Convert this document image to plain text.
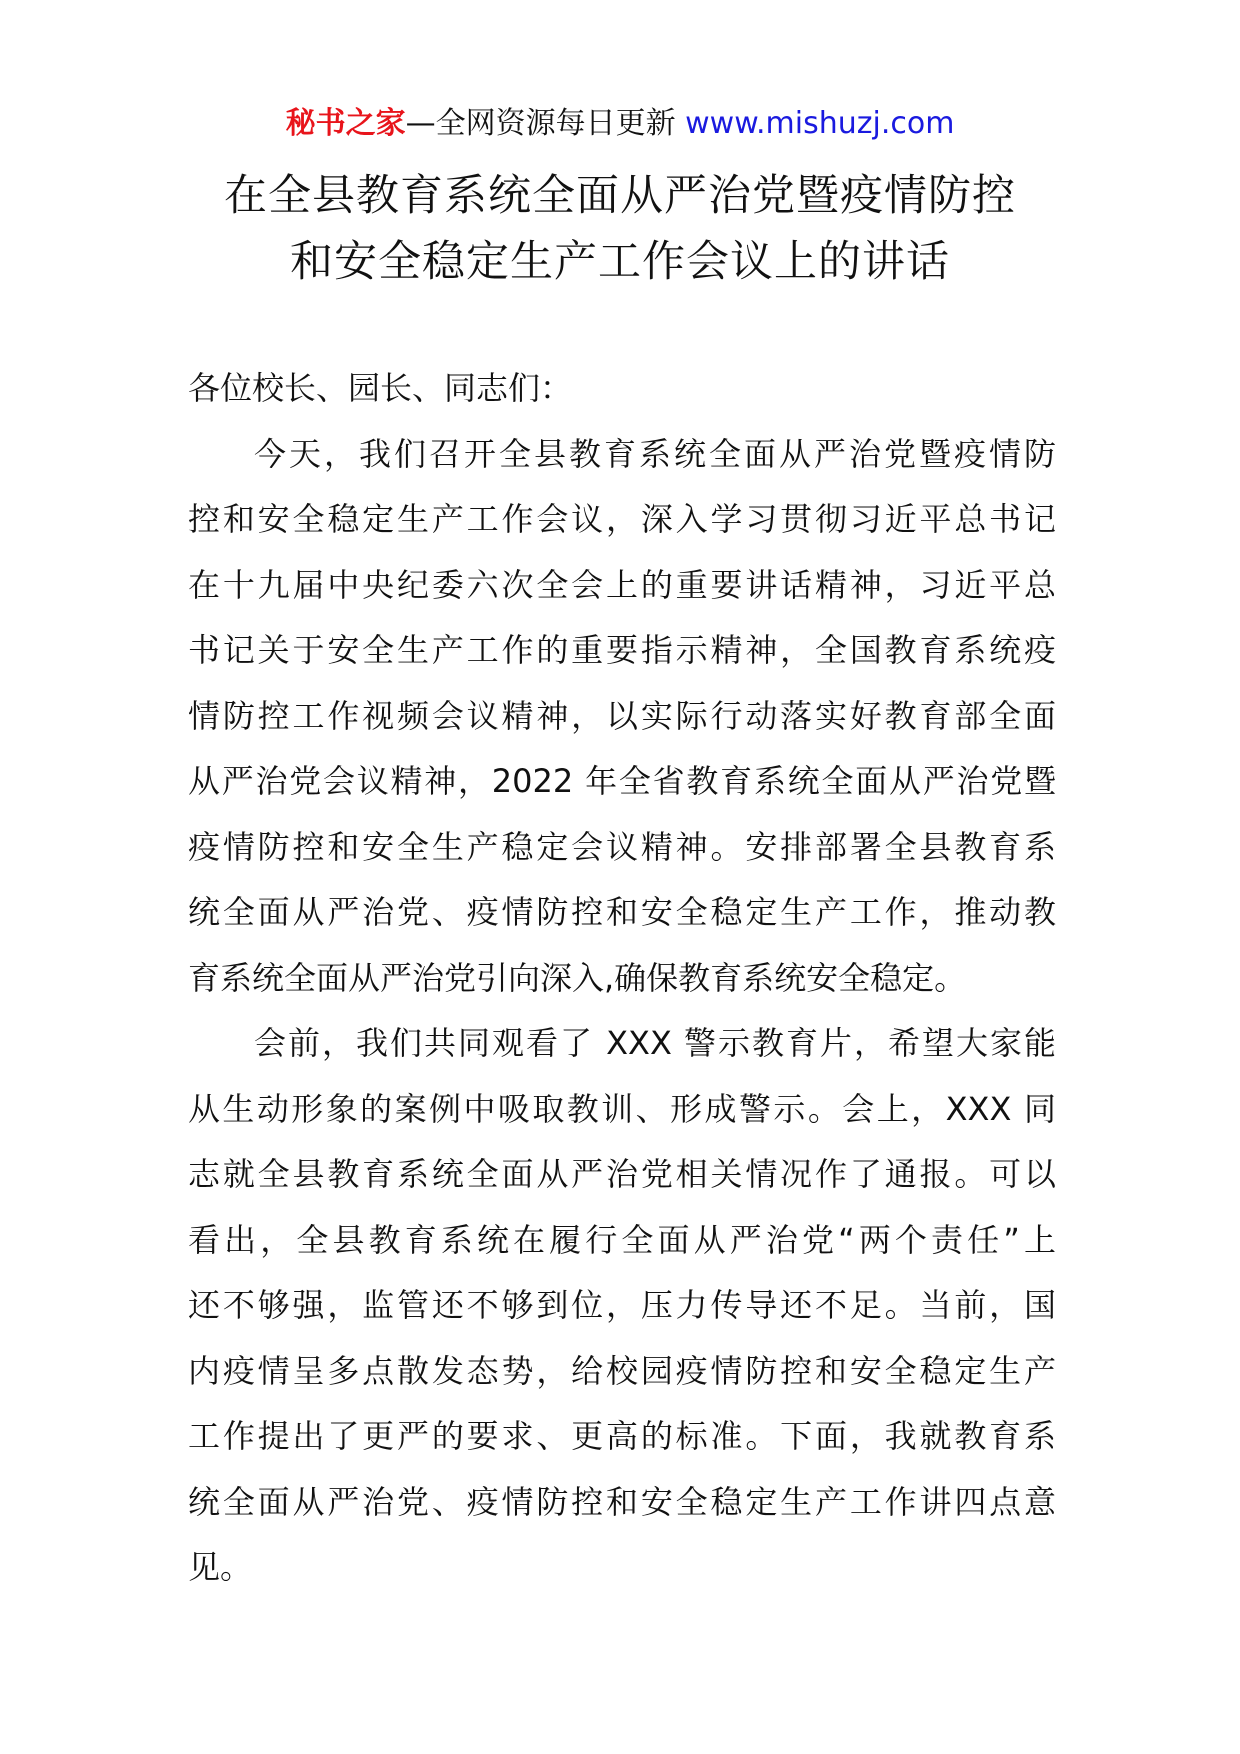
秘书之家—全网资源每日更新 www.mishuzj.com
在全县教育系统全面从严治党暨疫情防控
和安全稳定生产工作会议上的讲话
各位校长、园长、同志们：
今天，我们召开全县教育系统全面从严治党暨疫情防
控和安全稳定生产工作会议，深入学习贯彻习近平总书记
在十九届中央纪委六次全会上的重要讲话精神，习近平总
书记关于安全生产工作的重要指示精神，全国教育系统疫
情防控工作视频会议精神，以实际行动落实好教育部全面
从严治党会议精神，2022 年全省教育系统全面从严治党暨
疫情防控和安全生产稳定会议精神。安排部署全县教育系
统全面从严治党、疫情防控和安全稳定生产工作，推动教
育系统全面从严治党引向深入,确保教育系统安全稳定。
会前，我们共同观看了 XXX 警示教育片，希望大家能
从生动形象的案例中吸取教训、形成警示。会上，XXX 同
志就全县教育系统全面从严治党相关情况作了通报。可以
看出，全县教育系统在履行全面从严治党“两个责任”上
还不够强，监管还不够到位，压力传导还不足。当前，国
内疫情呈多点散发态势，给校园疫情防控和安全稳定生产
工作提出了更严的要求、更高的标准。下面，我就教育系
统全面从严治党、疫情防控和安全稳定生产工作讲四点意
见。
